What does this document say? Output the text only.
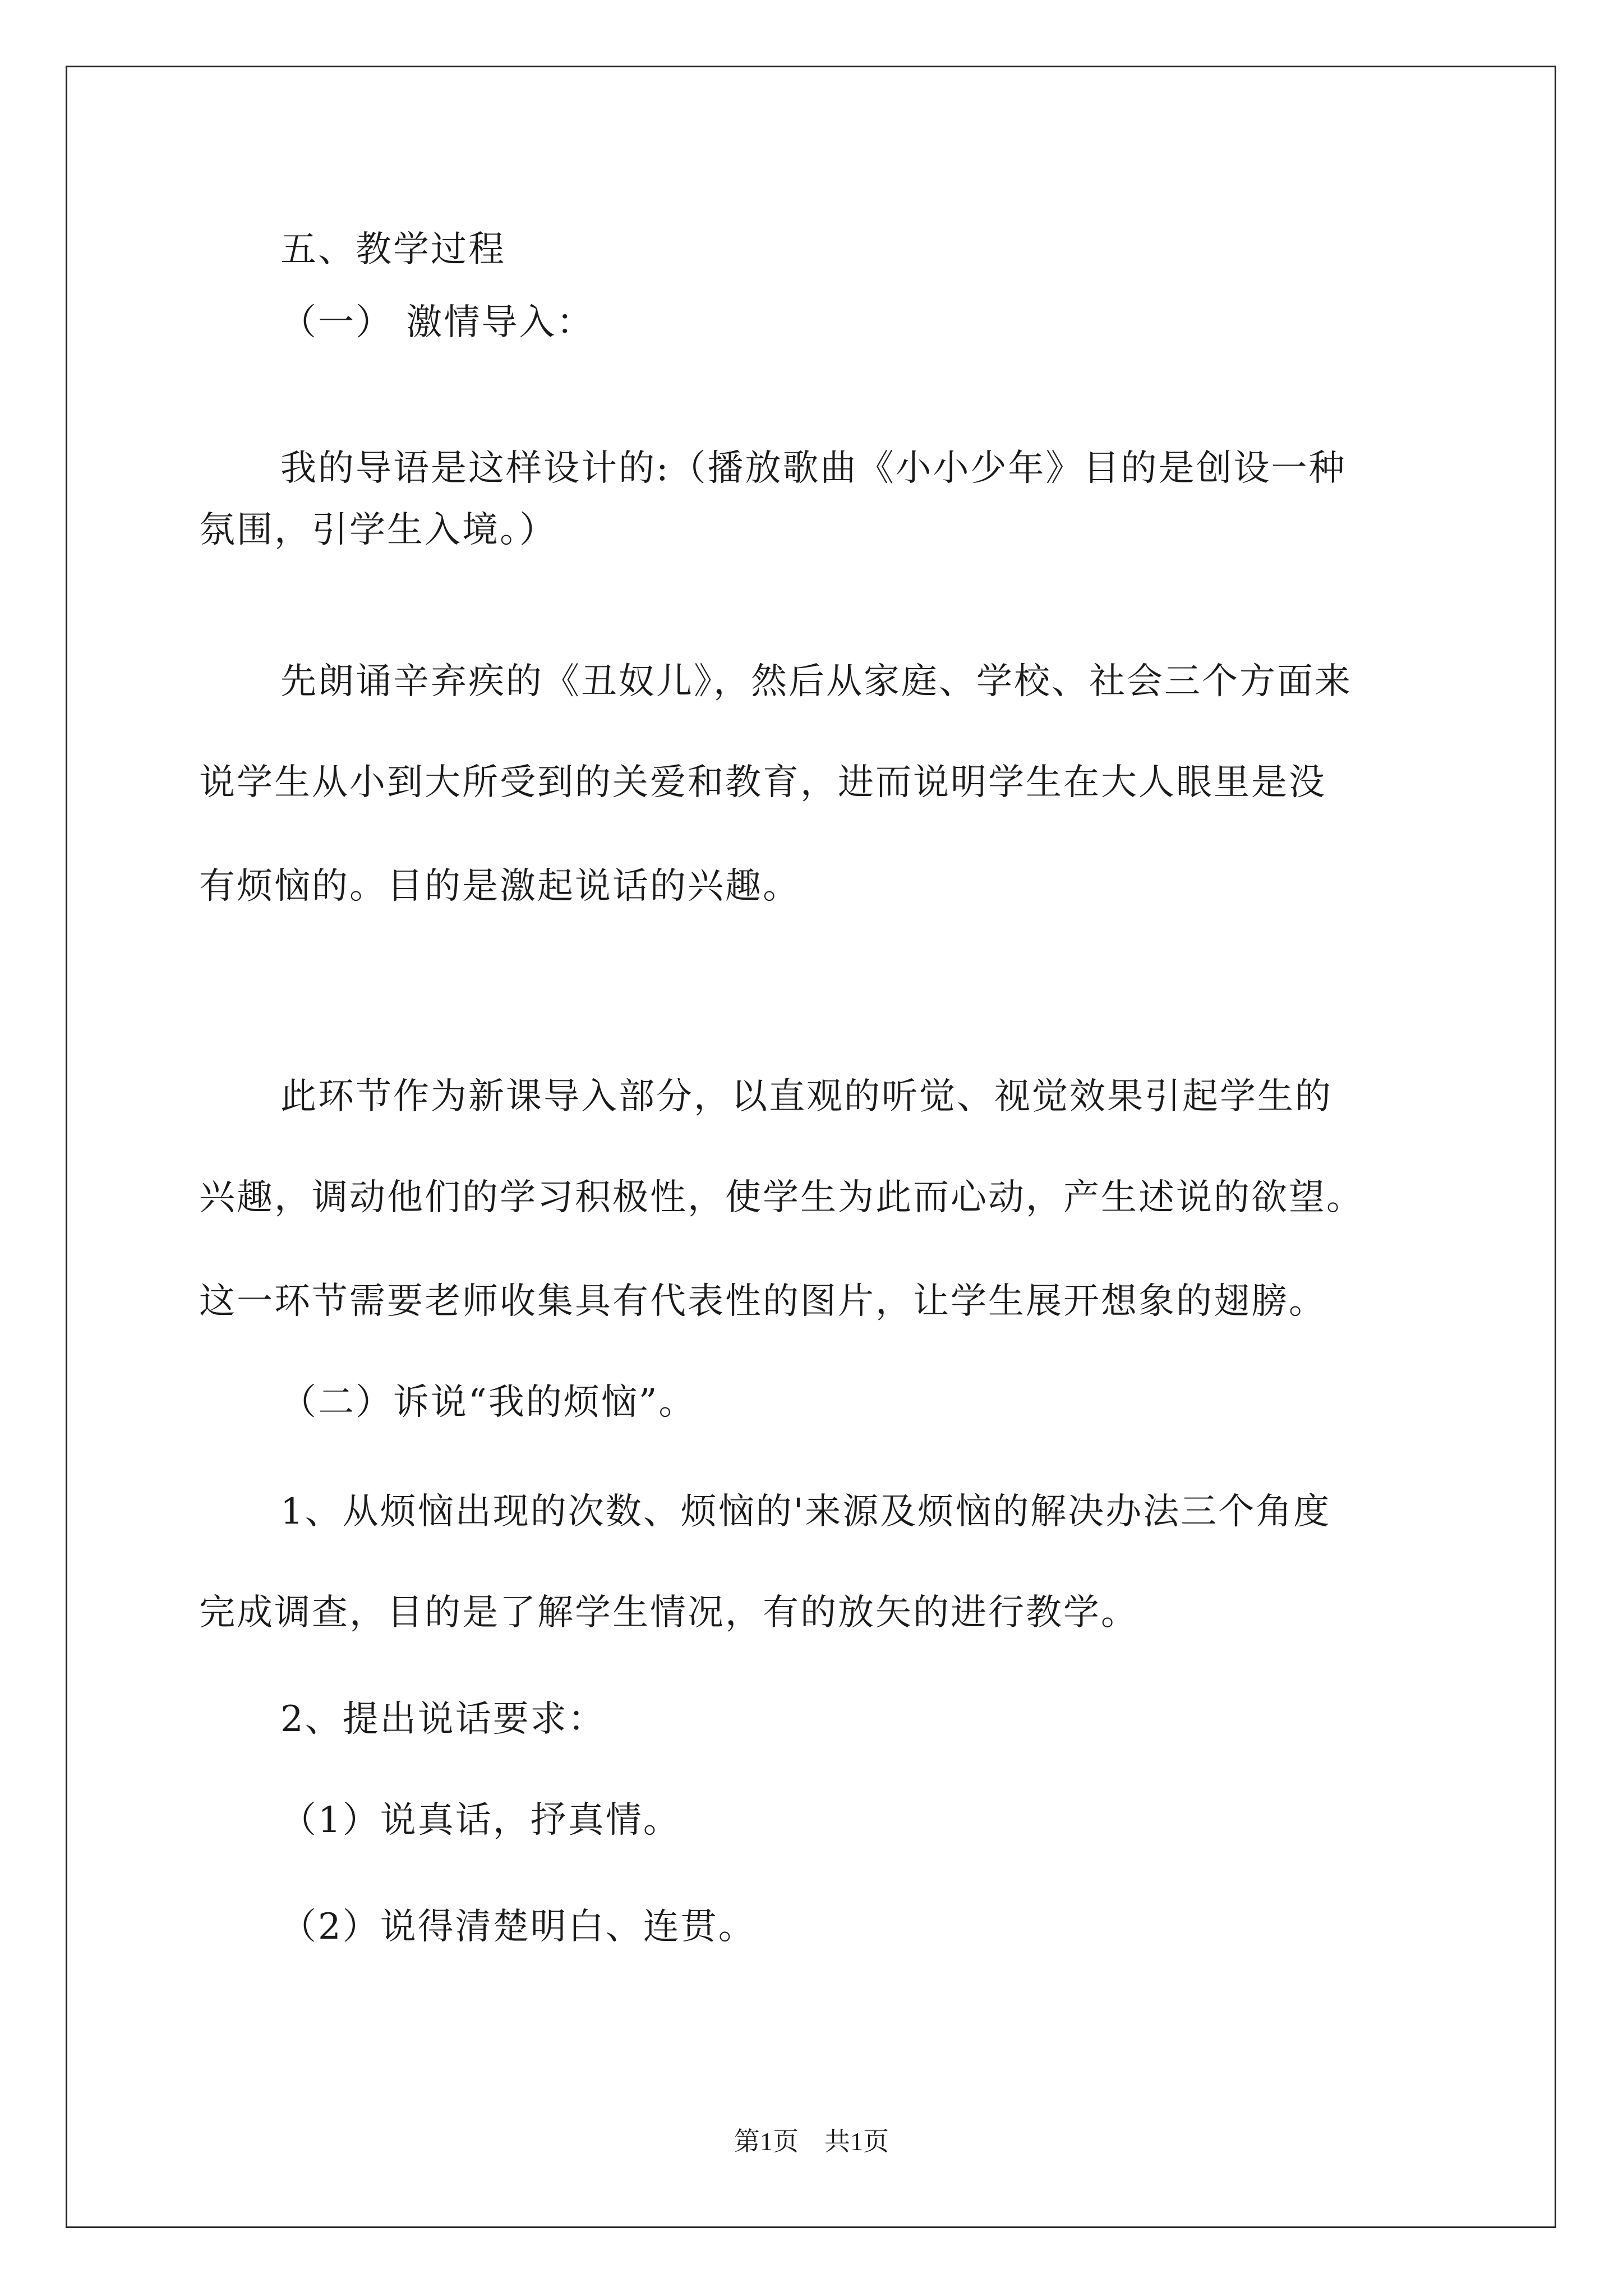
五、教学过程
（一） 激情导入：
我的导语是这样设计的:（播放歌曲《小小少年》目的是创设一种
氛围，引学生入境。）
先朗诵辛弃疾的《丑奴儿》，然后从家庭、学校、社会三个方面来
说学生从小到大所受到的关爱和教育，进而说明学生在大人眼里是没
有烦恼的。目的是激起说话的兴趣。
此环节作为新课导入部分，以直观的听觉、视觉效果引起学生的
兴趣，调动他们的学习积极性，使学生为此而心动，产生述说的欲望。
这一环节需要老师收集具有代表性的图片，让学生展开想象的翅膀。
（二）诉说“我的烦恼”。
1、从烦恼出现的次数、烦恼的'来源及烦恼的解决办法三个角度
完成调查，目的是了解学生情况，有的放矢的进行教学。
2、提出说话要求：
（1）说真话，抒真情。
（2）说得清楚明白、连贯。
第1页　共1页
